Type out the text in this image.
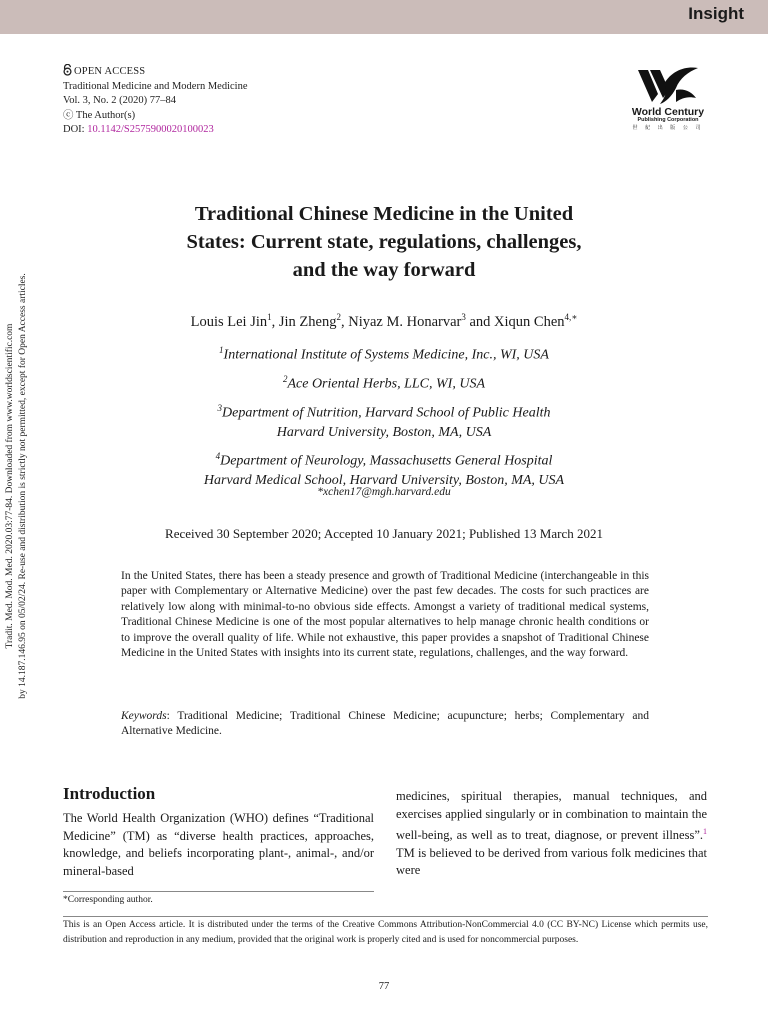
Insight
OPEN ACCESS
Traditional Medicine and Modern Medicine
Vol. 3, No. 2 (2020) 77–84
ⓒ The Author(s)
DOI: 10.1142/S2575900020100023
World Century
Publishing Corporation
世 紀 出 版 公 司
Tradit. Med. Mod. Med. 2020.03:77-84. Downloaded from www.worldscientific.com by 14.187.146.95 on 05/02/24. Re-use and distribution is strictly not permitted, except for Open Access articles.
Traditional Chinese Medicine in the United
States: Current state, regulations, challenges,
and the way forward
Louis Lei Jin$^1$, Jin Zheng$^2$, Niyaz M. Honarvar$^3$ and Xiqun Chen$^{4,∗}$
$^1$International Institute of Systems Medicine, Inc., WI, USA
$^2$Ace Oriental Herbs, LLC, WI, USA
$^3$Department of Nutrition, Harvard School of Public Health
Harvard University, Boston, MA, USA
$^4$Department of Neurology, Massachusetts General Hospital
Harvard Medical School, Harvard University, Boston, MA, USA
*xchen17@mgh.harvard.edu
Received 30 September 2020; Accepted 10 January 2021; Published 13 March 2021

In the United States, there has been a steady presence and growth of Traditional Medicine (interchangeable in this paper with Complementary or Alternative Medicine) over the past few decades. The costs for such practices are relatively low along with minimal-to-no obvious side effects. Amongst a variety of traditional medical systems, Traditional Chinese Medicine is one of the most popular alternatives to help manage chronic health conditions or to improve the overall quality of life. While not exhaustive, this paper provides a snapshot of Traditional Chinese Medicine in the United States with insights into its current state, regulations, challenges, and the way forward.

Keywords: Traditional Medicine; Traditional Chinese Medicine; acupuncture; herbs; Complementary and Alternative Medicine.

Introduction

The World Health Organization (WHO) defines “Traditional Medicine” (TM) as “diverse health practices, approaches, knowledge, and beliefs incorporating plant-, animal-, and/or mineral-based

medicines, spiritual therapies, manual techniques, and exercises applied singularly or in combination to maintain the well-being, as well as to treat, diagnose, or prevent illness”.$^1$ TM is believed to be derived from various folk medicines that were

*Corresponding author.

This is an Open Access article. It is distributed under the terms of the Creative Commons Attribution-NonCommercial 4.0 (CC BY-NC) License which permits use, distribution and reproduction in any medium, provided that the original work is properly cited and is used for noncommercial purposes.

77
